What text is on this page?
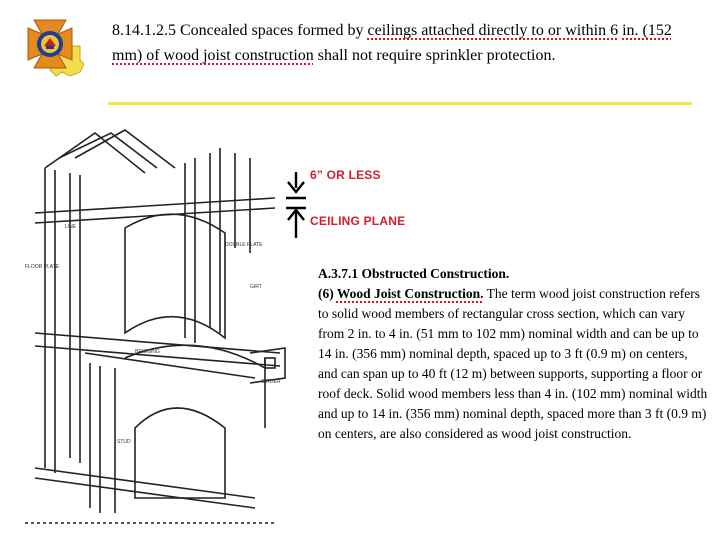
8.14.1.2.5 Concealed spaces formed by ceilings attached directly to or within 6 in. (152 mm) of wood joist construction shall not require sprinkler protection.
LINE
GIRDER
STUD
BRIDGING
FLOOR PLATE
DOUBLE PLATE
GIRT
6” OR LESS
CEILING PLANE

A.3.7.1 Obstructed Construction.

(6) Wood Joist Construction. The term wood joist construction refers to solid wood members of rectangular cross section, which can vary from 2 in. to 4 in. (51 mm to 102 mm) nominal width and can be up to 14 in. (356 mm) nominal depth, spaced up to 3 ft (0.9 m) on centers, and can span up to 40 ft (12 m) between supports, supporting a floor or roof deck. Solid wood members less than 4 in. (102 mm) nominal width and up to 14 in. (356 mm) nominal depth, spaced more than 3 ft (0.9 m) on centers, are also considered as wood joist construction.
